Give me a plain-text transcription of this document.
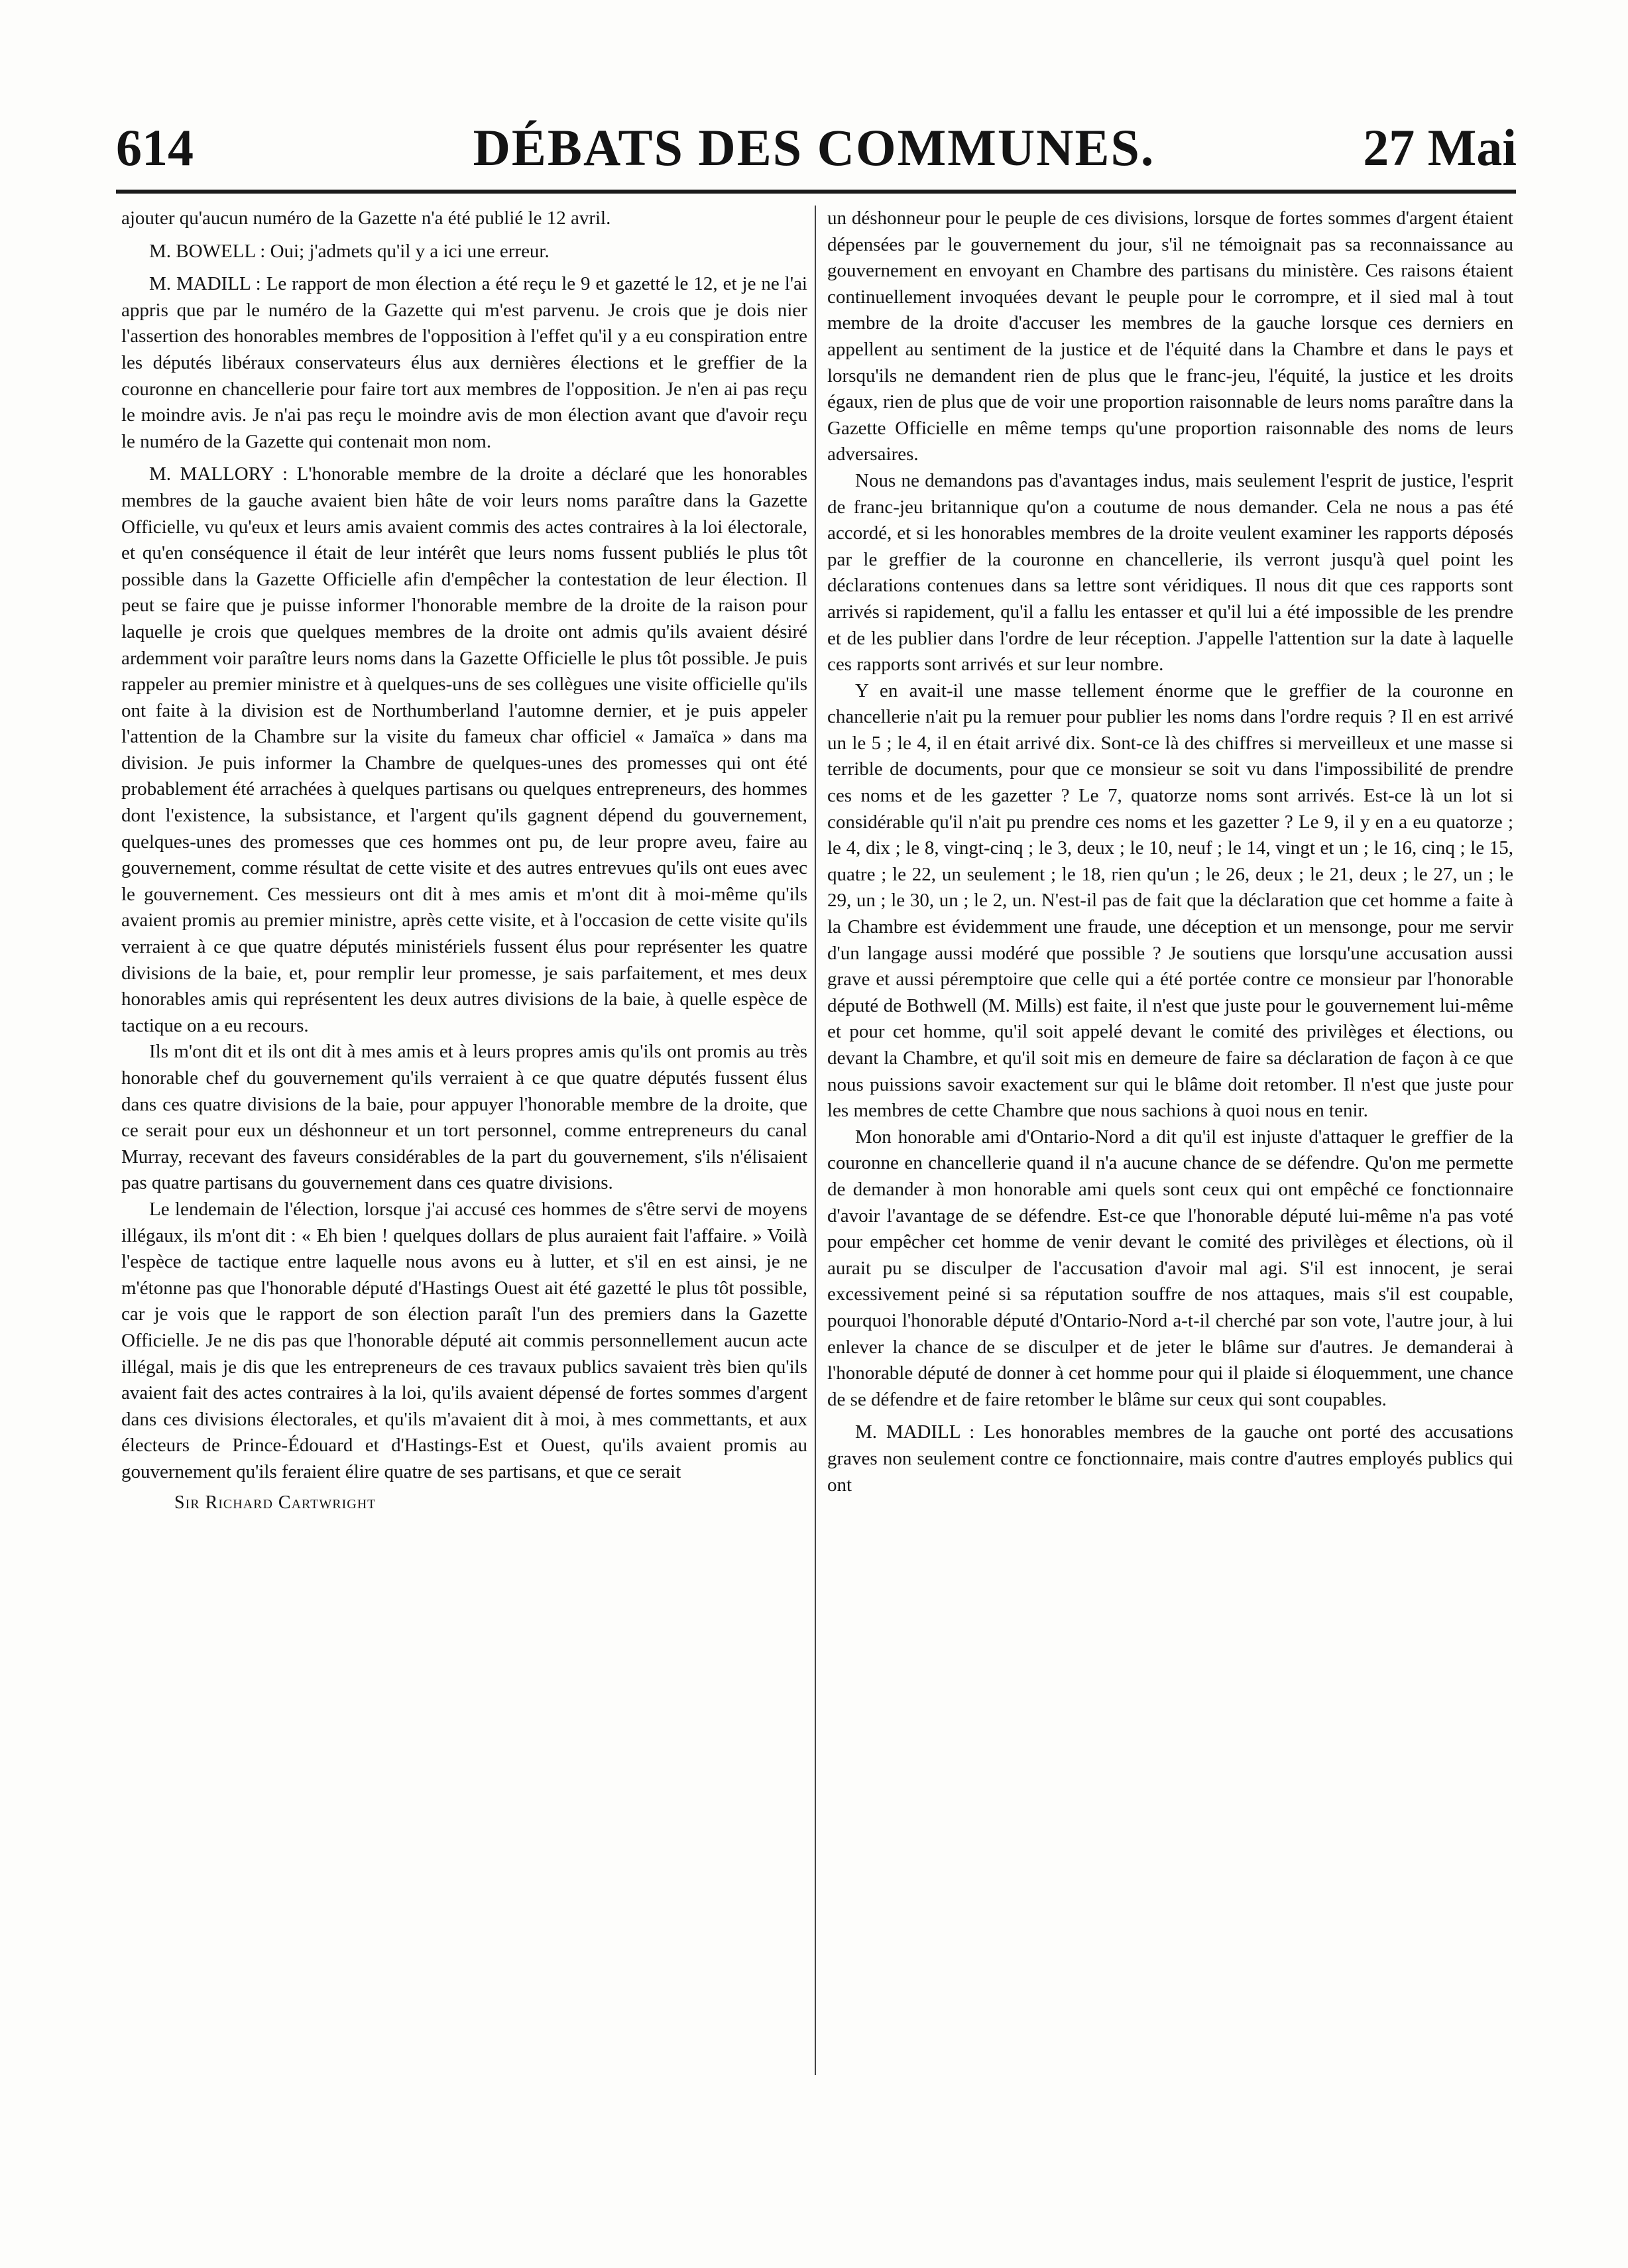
614	DÉBATS DES COMMUNES.	27 Mai

ajouter qu'aucun numéro de la Gazette n'a été publié le 12 avril.

M. BOWELL : Oui; j'admets qu'il y a ici une erreur.

M. MADILL : Le rapport de mon élection a été reçu le 9 et gazetté le 12, et je ne l'ai appris que par le numéro de la Gazette qui m'est parvenu. Je crois que je dois nier l'assertion des honorables membres de l'opposition à l'effet qu'il y a eu conspiration entre les députés libéraux conservateurs élus aux dernières élections et le greffier de la couronne en chancellerie pour faire tort aux membres de l'opposition. Je n'en ai pas reçu le moindre avis. Je n'ai pas reçu le moindre avis de mon élection avant que d'avoir reçu le numéro de la Gazette qui contenait mon nom.

M. MALLORY : L'honorable membre de la droite a déclaré que les honorables membres de la gauche avaient bien hâte de voir leurs noms paraître dans la Gazette Officielle, vu qu'eux et leurs amis avaient commis des actes contraires à la loi électorale, et qu'en conséquence il était de leur intérêt que leurs noms fussent publiés le plus tôt possible dans la Gazette Officielle afin d'empêcher la contestation de leur élection. Il peut se faire que je puisse informer l'honorable membre de la droite de la raison pour laquelle je crois que quelques membres de la droite ont admis qu'ils avaient désiré ardemment voir paraître leurs noms dans la Gazette Officielle le plus tôt possible. Je puis rappeler au premier ministre et à quelques-uns de ses collègues une visite officielle qu'ils ont faite à la division est de Northumberland l'automne dernier, et je puis appeler l'attention de la Chambre sur la visite du fameux char officiel « Jamaïca » dans ma division. Je puis informer la Chambre de quelques-unes des promesses qui ont été probablement été arrachées à quelques partisans ou quelques entrepreneurs, des hommes dont l'existence, la subsistance, et l'argent qu'ils gagnent dépend du gouvernement, quelques-unes des promesses que ces hommes ont pu, de leur propre aveu, faire au gouvernement, comme résultat de cette visite et des autres entrevues qu'ils ont eues avec le gouvernement. Ces messieurs ont dit à mes amis et m'ont dit à moi-même qu'ils avaient promis au premier ministre, après cette visite, et à l'occasion de cette visite qu'ils verraient à ce que quatre députés ministériels fussent élus pour représenter les quatre divisions de la baie, et, pour remplir leur promesse, je sais parfaitement, et mes deux honorables amis qui représentent les deux autres divisions de la baie, à quelle espèce de tactique on a eu recours.

Ils m'ont dit et ils ont dit à mes amis et à leurs propres amis qu'ils ont promis au très honorable chef du gouvernement qu'ils verraient à ce que quatre députés fussent élus dans ces quatre divisions de la baie, pour appuyer l'honorable membre de la droite, que ce serait pour eux un déshonneur et un tort personnel, comme entrepreneurs du canal Murray, recevant des faveurs considérables de la part du gouvernement, s'ils n'élisaient pas quatre partisans du gouvernement dans ces quatre divisions.

Le lendemain de l'élection, lorsque j'ai accusé ces hommes de s'être servi de moyens illégaux, ils m'ont dit : « Eh bien ! quelques dollars de plus auraient fait l'affaire. » Voilà l'espèce de tactique entre laquelle nous avons eu à lutter, et s'il en est ainsi, je ne m'étonne pas que l'honorable député d'Hastings Ouest ait été gazetté le plus tôt possible, car je vois que le rapport de son élection paraît l'un des premiers dans la Gazette Officielle. Je ne dis pas que l'honorable député ait commis personnellement aucun acte illégal, mais je dis que les entrepreneurs de ces travaux publics savaient très bien qu'ils avaient fait des actes contraires à la loi, qu'ils avaient dépensé de fortes sommes d'argent dans ces divisions électorales, et qu'ils m'avaient dit à moi, à mes commettants, et aux électeurs de Prince-Édouard et d'Hastings-Est et Ouest, qu'ils avaient promis au gouvernement qu'ils feraient élire quatre de ses partisans, et que ce serait

Sir Richard Cartwright

un déshonneur pour le peuple de ces divisions, lorsque de fortes sommes d'argent étaient dépensées par le gouvernement du jour, s'il ne témoignait pas sa reconnaissance au gouvernement en envoyant en Chambre des partisans du ministère. Ces raisons étaient continuellement invoquées devant le peuple pour le corrompre, et il sied mal à tout membre de la droite d'accuser les membres de la gauche lorsque ces derniers en appellent au sentiment de la justice et de l'équité dans la Chambre et dans le pays et lorsqu'ils ne demandent rien de plus que le franc-jeu, l'équité, la justice et les droits égaux, rien de plus que de voir une proportion raisonnable de leurs noms paraître dans la Gazette Officielle en même temps qu'une proportion raisonnable des noms de leurs adversaires.

Nous ne demandons pas d'avantages indus, mais seulement l'esprit de justice, l'esprit de franc-jeu britannique qu'on a coutume de nous demander. Cela ne nous a pas été accordé, et si les honorables membres de la droite veulent examiner les rapports déposés par le greffier de la couronne en chancellerie, ils verront jusqu'à quel point les déclarations contenues dans sa lettre sont véridiques. Il nous dit que ces rapports sont arrivés si rapidement, qu'il a fallu les entasser et qu'il lui a été impossible de les prendre et de les publier dans l'ordre de leur réception. J'appelle l'attention sur la date à laquelle ces rapports sont arrivés et sur leur nombre.

Y en avait-il une masse tellement énorme que le greffier de la couronne en chancellerie n'ait pu la remuer pour publier les noms dans l'ordre requis ? Il en est arrivé un le 5 ; le 4, il en était arrivé dix. Sont-ce là des chiffres si merveilleux et une masse si terrible de documents, pour que ce monsieur se soit vu dans l'impossibilité de prendre ces noms et de les gazetter ? Le 7, quatorze noms sont arrivés. Est-ce là un lot si considérable qu'il n'ait pu prendre ces noms et les gazetter ? Le 9, il y en a eu quatorze ; le 4, dix ; le 8, vingt-cinq ; le 3, deux ; le 10, neuf ; le 14, vingt et un ; le 16, cinq ; le 15, quatre ; le 22, un seulement ; le 18, rien qu'un ; le 26, deux ; le 21, deux ; le 27, un ; le 29, un ; le 30, un ; le 2, un. N'est-il pas de fait que la déclaration que cet homme a faite à la Chambre est évidemment une fraude, une déception et un mensonge, pour me servir d'un langage aussi modéré que possible ? Je soutiens que lorsqu'une accusation aussi grave et aussi péremptoire que celle qui a été portée contre ce monsieur par l'honorable député de Bothwell (M. Mills) est faite, il n'est que juste pour le gouvernement lui-même et pour cet homme, qu'il soit appelé devant le comité des privilèges et élections, ou devant la Chambre, et qu'il soit mis en demeure de faire sa déclaration de façon à ce que nous puissions savoir exactement sur qui le blâme doit retomber. Il n'est que juste pour les membres de cette Chambre que nous sachions à quoi nous en tenir.

Mon honorable ami d'Ontario-Nord a dit qu'il est injuste d'attaquer le greffier de la couronne en chancellerie quand il n'a aucune chance de se défendre. Qu'on me permette de demander à mon honorable ami quels sont ceux qui ont empêché ce fonctionnaire d'avoir l'avantage de se défendre. Est-ce que l'honorable député lui-même n'a pas voté pour empêcher cet homme de venir devant le comité des privilèges et élections, où il aurait pu se disculper de l'accusation d'avoir mal agi. S'il est innocent, je serai excessivement peiné si sa réputation souffre de nos attaques, mais s'il est coupable, pourquoi l'honorable député d'Ontario-Nord a-t-il cherché par son vote, l'autre jour, à lui enlever la chance de se disculper et de jeter le blâme sur d'autres. Je demanderai à l'honorable député de donner à cet homme pour qui il plaide si éloquemment, une chance de se défendre et de faire retomber le blâme sur ceux qui sont coupables.

M. MADILL : Les honorables membres de la gauche ont porté des accusations graves non seulement contre ce fonctionnaire, mais contre d'autres employés publics qui ont
